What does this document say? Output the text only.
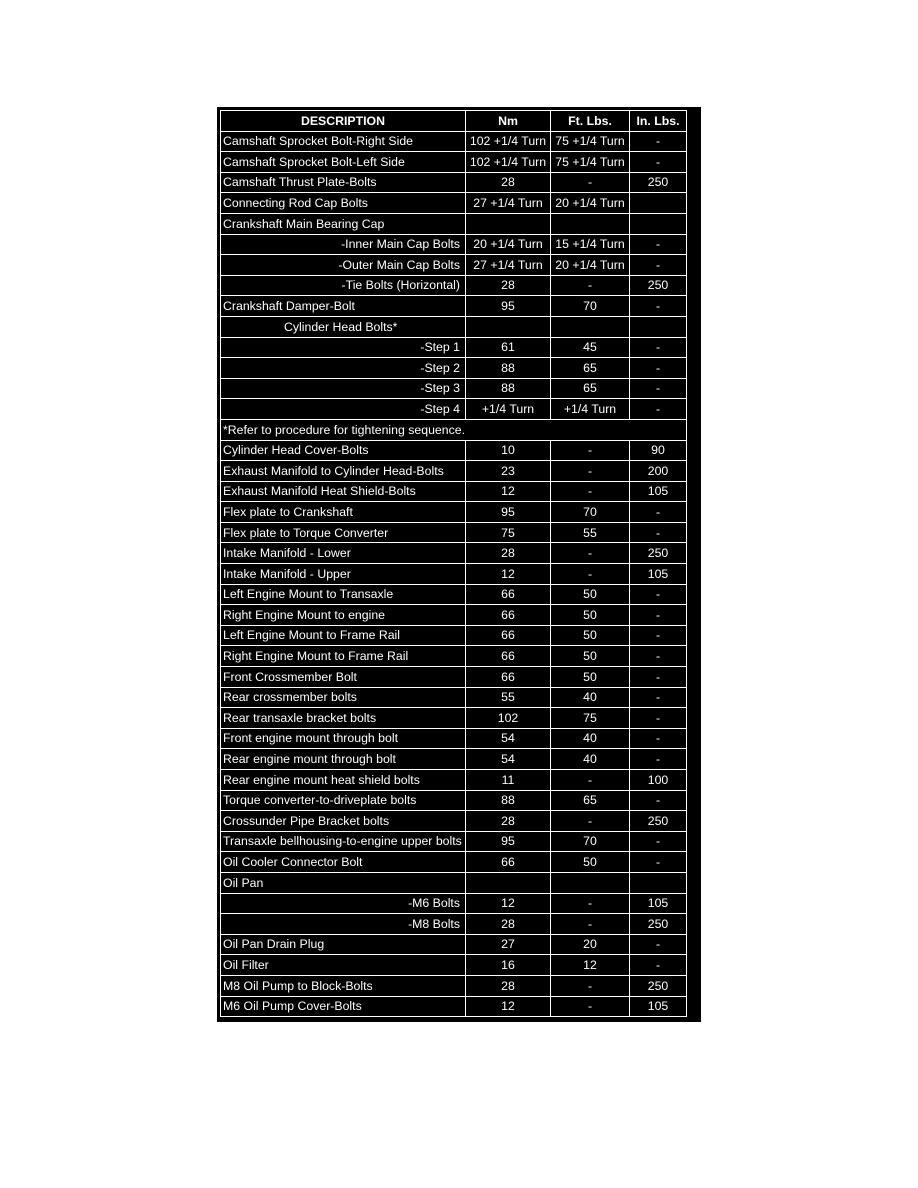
DESCRIPTION	Nm	Ft. Lbs.	In. Lbs.
Camshaft Sprocket Bolt-Right Side	102 +1/4 Turn	75 +1/4 Turn	-
Camshaft Sprocket Bolt-Left Side	102 +1/4 Turn	75 +1/4 Turn	-
Camshaft Thrust Plate-Bolts	28	-	250
Connecting Rod Cap Bolts	27 +1/4 Turn	20 +1/4 Turn	
Crankshaft Main Bearing Cap			
-Inner Main Cap Bolts	20 +1/4 Turn	15 +1/4 Turn	-
-Outer Main Cap Bolts	27 +1/4 Turn	20 +1/4 Turn	-
-Tie Bolts (Horizontal)	28	-	250
Crankshaft Damper-Bolt	95	70	-
Cylinder Head Bolts*			
-Step 1	61	45	-
-Step 2	88	65	-
-Step 3	88	65	-
-Step 4	+1/4 Turn	+1/4 Turn	-
*Refer to procedure for tightening sequence.			
Cylinder Head Cover-Bolts	10	-	90
Exhaust Manifold to Cylinder Head-Bolts	23	-	200
Exhaust Manifold Heat Shield-Bolts	12	-	105
Flex plate to Crankshaft	95	70	-
Flex plate to Torque Converter	75	55	-
Intake Manifold - Lower	28	-	250
Intake Manifold - Upper	12	-	105
Left Engine Mount to Transaxle	66	50	-
Right Engine Mount to engine	66	50	-
Left Engine Mount to Frame Rail	66	50	-
Right Engine Mount to Frame Rail	66	50	-
Front Crossmember Bolt	66	50	-
Rear crossmember bolts	55	40	-
Rear transaxle bracket bolts	102	75	-
Front engine mount through bolt	54	40	-
Rear engine mount through bolt	54	40	-
Rear engine mount heat shield bolts	11	-	100
Torque converter-to-driveplate bolts	88	65	-
Crossunder Pipe Bracket bolts	28	-	250
Transaxle bellhousing-to-engine upper bolts	95	70	-
Oil Cooler Connector Bolt	66	50	-
Oil Pan			
-M6 Bolts	12	-	105
-M8 Bolts	28	-	250
Oil Pan Drain Plug	27	20	-
Oil Filter	16	12	-
M8 Oil Pump to Block-Bolts	28	-	250
M6 Oil Pump Cover-Bolts	12	-	105
